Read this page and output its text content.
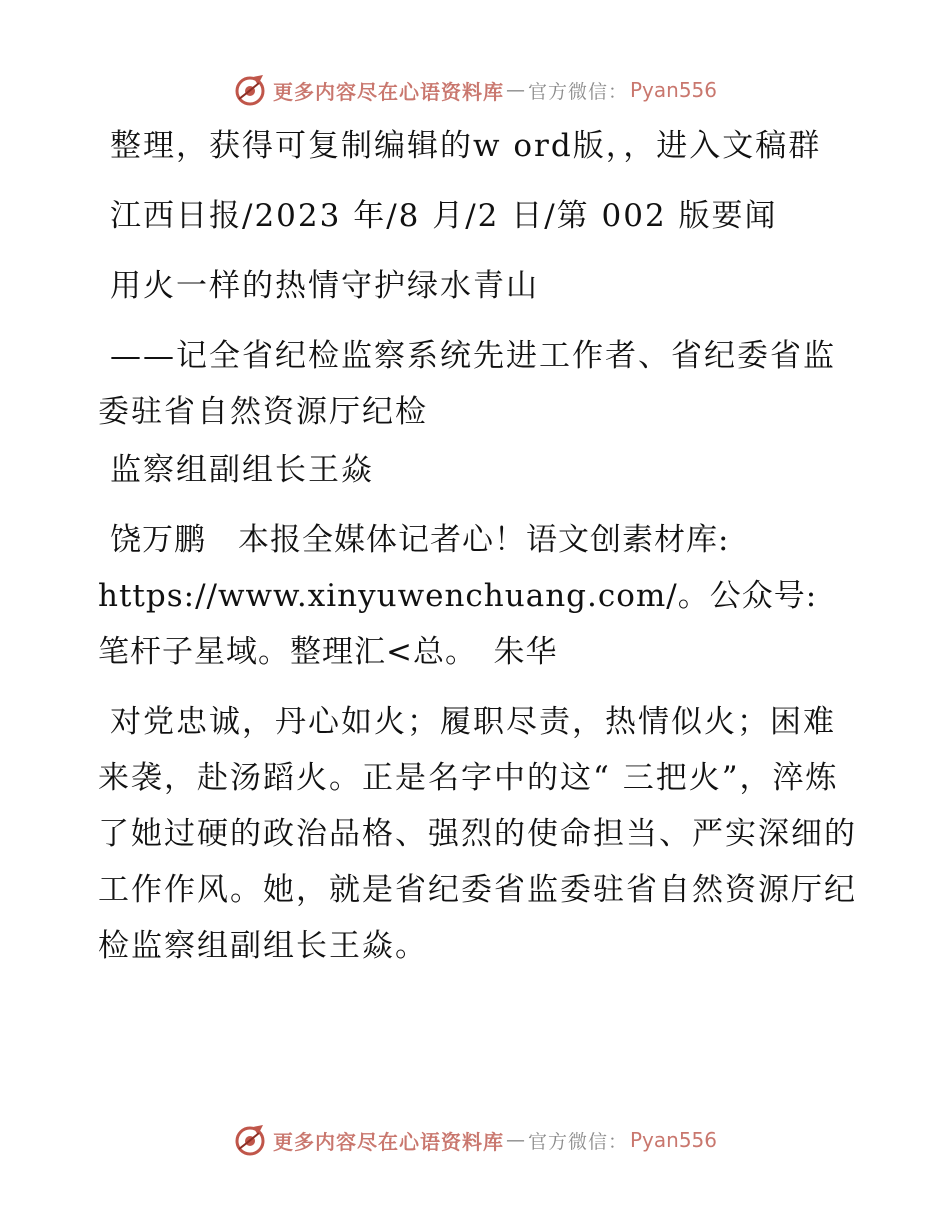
更多内容尽在心语资料库 — 官方微信： Pyan556

整理，获得可复制编辑的w ord版，，进入文稿群

江西日报/2023 年/8 月/2 日/第 002 版要闻

用火一样的热情守护绿水青山

——记全省纪检监察系统先进工作者、省纪委省监委驻省自然资源厅纪检

监察组副组长王焱

饶万鹏　本报全媒体记者心！语文创素材库: https://www.xinyuwenchuang.com/。公众号: 笔杆子星域。整理汇<总。　朱华

对党忠诚，丹心如火；履职尽责，热情似火；困难来袭，赴汤蹈火。正是名字中的这“ 三把火”，淬炼了她过硬的政治品格、强烈的使命担当、严实深细的工作作风。她，就是省纪委省监委驻省自然资源厅纪检监察组副组长王焱。

更多内容尽在心语资料库 — 官方微信： Pyan556
